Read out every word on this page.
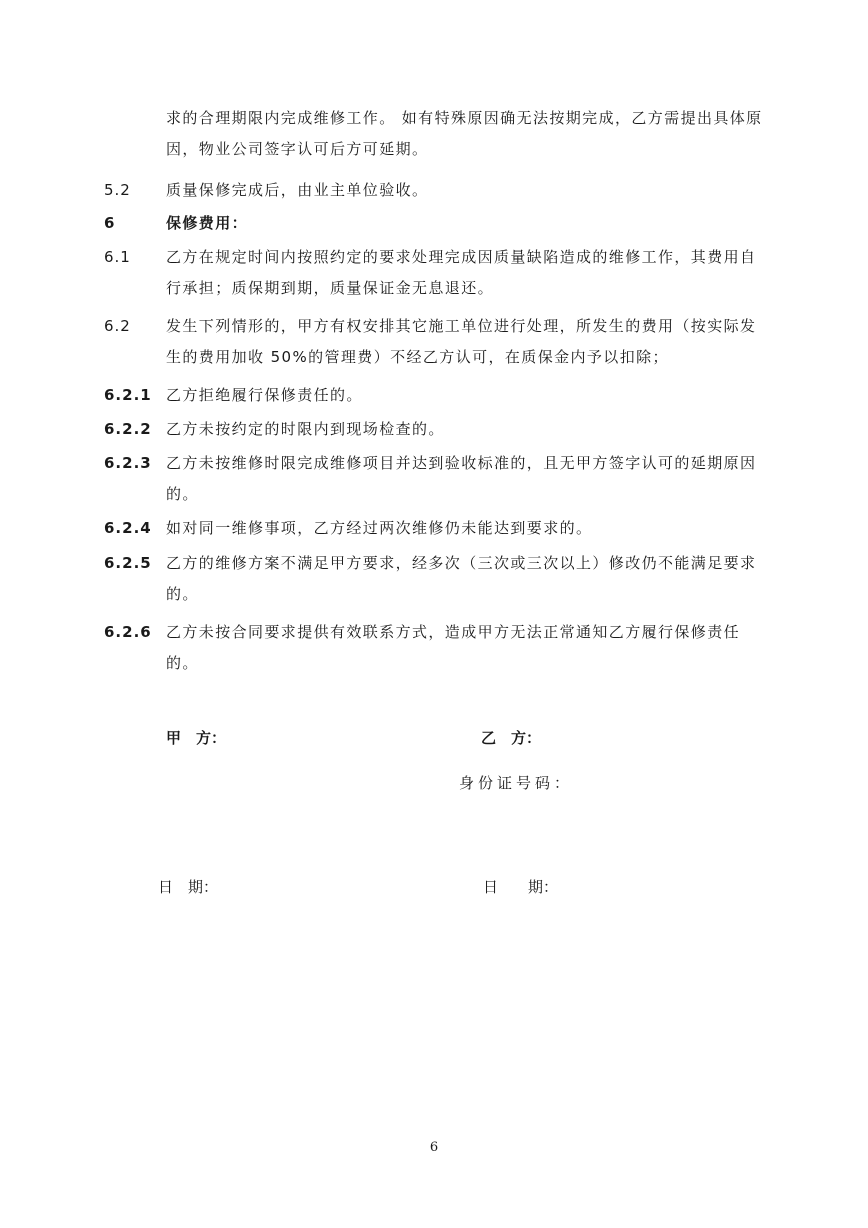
求的合理期限内完成维修工作。 如有特殊原因确无法按期完成，乙方需提出具体原因，物业公司签字认可后方可延期。
5.2 质量保修完成后，由业主单位验收。
6	保修费用：
6.1 乙方在规定时间内按照约定的要求处理完成因质量缺陷造成的维修工作，其费用自行承担；质保期到期，质量保证金无息退还。
6.2 发生下列情形的，甲方有权安排其它施工单位进行处理，所发生的费用（按实际发生的费用加收 50%的管理费）不经乙方认可，在质保金内予以扣除；
6.2.1 乙方拒绝履行保修责任的。
6.2.2 乙方未按约定的时限内到现场检查的。
6.2.3 乙方未按维修时限完成维修项目并达到验收标准的，且无甲方签字认可的延期原因的。
6.2.4 如对同一维修事项，乙方经过两次维修仍未能达到要求的。
6.2.5 乙方的维修方案不满足甲方要求，经多次（三次或三次以上）修改仍不能满足要求的。
6.2.6 乙方未按合同要求提供有效联系方式，造成甲方无法正常通知乙方履行保修责任的。
甲　方：	乙　方：
身份证号码：
日　期：	日　　期：
6
